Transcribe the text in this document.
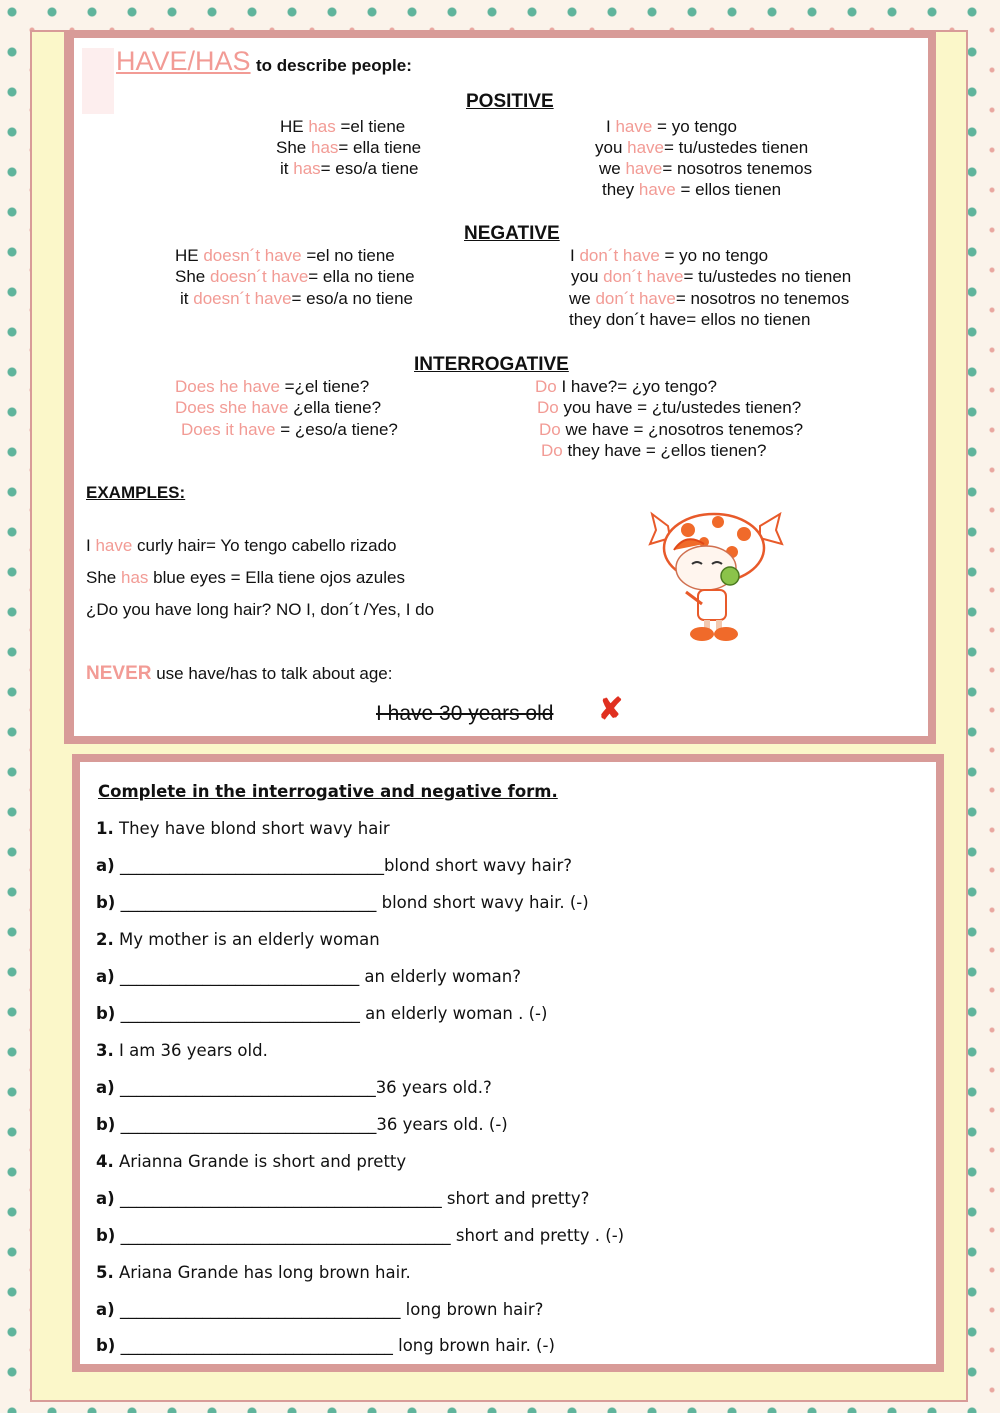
HAVE/HAS to describe people:
POSITIVE
HE has =el tiene
She has= ella tiene
it has= eso/a tiene
I have = yo tengo
you have= tu/ustedes tienen
we have= nosotros tenemos
they have = ellos tienen
NEGATIVE
HE doesn´t have =el no tiene
She doesn´t have= ella no tiene
it doesn´t have= eso/a no tiene
I don´t have = yo no tengo
you don´t have= tu/ustedes no tienen
we don´t have= nosotros no tenemos
they don´t have= ellos no tienen
INTERROGATIVE
Does he have =¿el tiene?
Does she have ¿ella tiene?
Does it have = ¿eso/a tiene?
Do I have?= ¿yo tengo?
Do you have = ¿tu/ustedes tienen?
Do we have = ¿nosotros tenemos?
Do they have = ¿ellos tienen?
EXAMPLES:
I have curly hair= Yo tengo cabello rizado
She has blue eyes = Ella tiene ojos azules
¿Do you have long hair? NO I, don´t /Yes, I do
NEVER use have/has to talk about age:
I have 30 years old ✘
Complete in the interrogative and negative form.
1. They have blond short wavy hair
a) ________________________________blond short wavy hair?
b) _______________________________ blond short wavy hair. (-)
2. My mother is an elderly woman
a) _____________________________ an elderly woman?
b) _____________________________ an elderly woman . (-)
3. I am 36 years old.
a) _______________________________36 years old.?
b) _______________________________36 years old. (-)
4. Arianna Grande is short and pretty
a) _______________________________________ short and pretty?
b) ________________________________________ short and pretty . (-)
5. Ariana Grande has long brown hair.
a) __________________________________ long brown hair?
b) _________________________________ long brown hair. (-)
